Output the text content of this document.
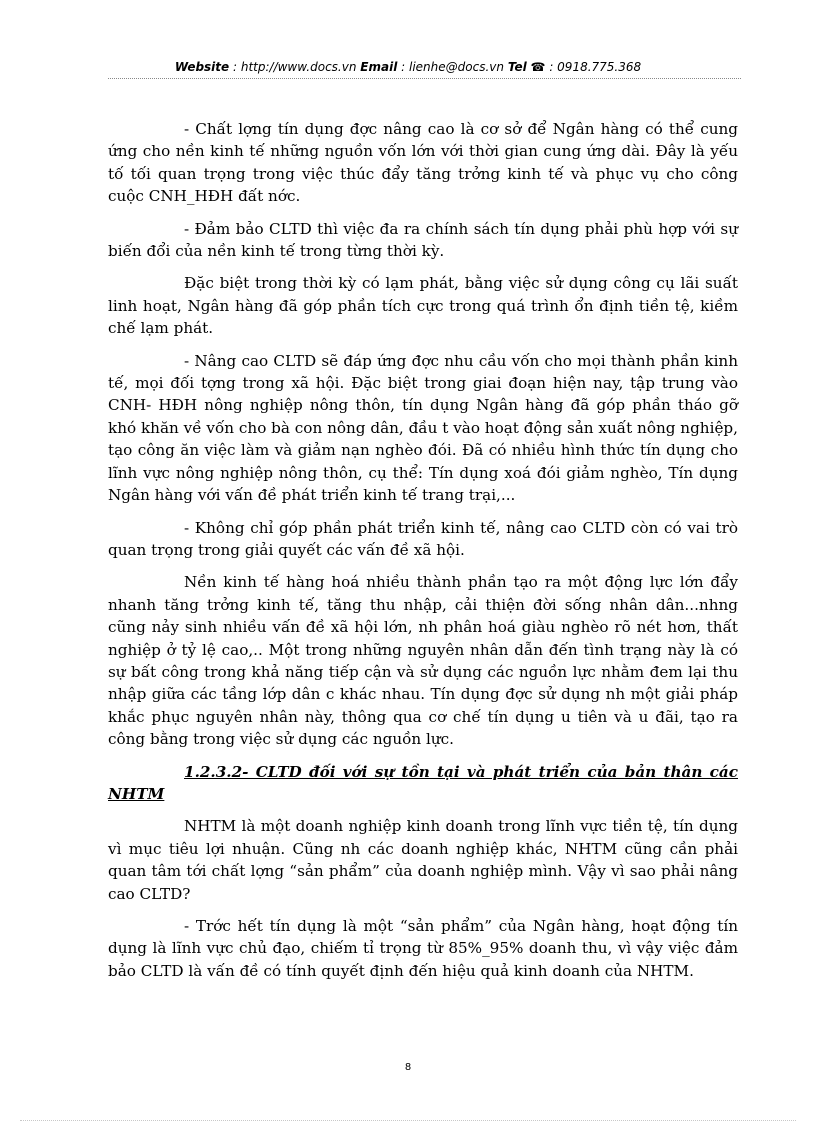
Website : http://www.docs.vn Email : lienhe@docs.vn Tel ☎ : 0918.775.368

- Chất lợng tín dụng đợc nâng cao là cơ sở để Ngân hàng có thể cung ứng cho nền kinh tế những nguồn vốn lớn với thời gian cung ứng dài. Đây là yếu tố tối quan trọng trong việc thúc đẩy tăng trởng kinh tế và phục vụ cho công cuộc CNH_HĐH đất nớc.

- Đảm bảo CLTD thì việc đa ra chính sách tín dụng phải phù hợp với sự biến đổi của nền kinh tế trong từng thời kỳ.

Đặc biệt trong thời kỳ có lạm phát, bằng việc sử dụng công cụ lãi suất linh hoạt, Ngân hàng đã góp phần tích cực trong quá trình ổn định tiền tệ, kiềm chế lạm phát.

- Nâng cao CLTD sẽ đáp ứng đợc nhu cầu vốn cho mọi thành phần kinh tế, mọi đối tợng trong xã hội. Đặc biệt trong giai đoạn hiện nay, tập trung vào CNH- HĐH nông nghiệp nông thôn, tín dụng Ngân hàng đã góp phần tháo gỡ khó khăn về vốn cho bà con nông dân, đầu t vào hoạt động sản xuất nông nghiệp, tạo công ăn việc làm và giảm nạn nghèo đói. Đã có nhiều hình thức tín dụng cho lĩnh vực nông nghiệp nông thôn, cụ thể: Tín dụng xoá đói giảm nghèo, Tín dụng Ngân hàng với vấn đề phát triển kinh tế trang trại,...

- Không chỉ góp phần phát triển kinh tế, nâng cao CLTD còn có vai trò quan trọng trong giải quyết các vấn đề xã hội.

Nền kinh tế hàng hoá nhiều thành phần tạo ra một động lực lớn đẩy nhanh tăng trởng kinh tế, tăng thu nhập, cải thiện đời sống nhân dân...nhng cũng nảy sinh nhiều vấn đề xã hội lớn, nh phân hoá giàu nghèo rõ nét hơn, thất nghiệp ở tỷ lệ cao,.. Một trong những nguyên nhân dẫn đến tình trạng này là có sự bất công trong khả năng tiếp cận và sử dụng các nguồn lực nhằm đem lại thu nhập giữa các tầng lớp dân c khác nhau. Tín dụng đợc sử dụng nh một giải pháp khắc phục nguyên nhân này, thông qua cơ chế tín dụng u tiên và u đãi, tạo ra công bằng trong việc sử dụng các nguồn lực.

1.2.3.2- CLTD đối với sự tồn tại và phát triển của bản thân các NHTM

NHTM là một doanh nghiệp kinh doanh trong lĩnh vực tiền tệ, tín dụng vì mục tiêu lợi nhuận. Cũng nh các doanh nghiệp khác, NHTM cũng cần phải quan tâm tới chất lợng “sản phẩm” của doanh nghiệp mình. Vậy vì sao phải nâng cao CLTD?

- Trớc hết tín dụng là một “sản phẩm” của Ngân hàng, hoạt động tín dụng là lĩnh vực chủ đạo, chiếm tỉ trọng từ 85%_95% doanh thu, vì vậy việc đảm bảo CLTD là vấn đề có tính quyết định đến hiệu quả kinh doanh của NHTM.

8
